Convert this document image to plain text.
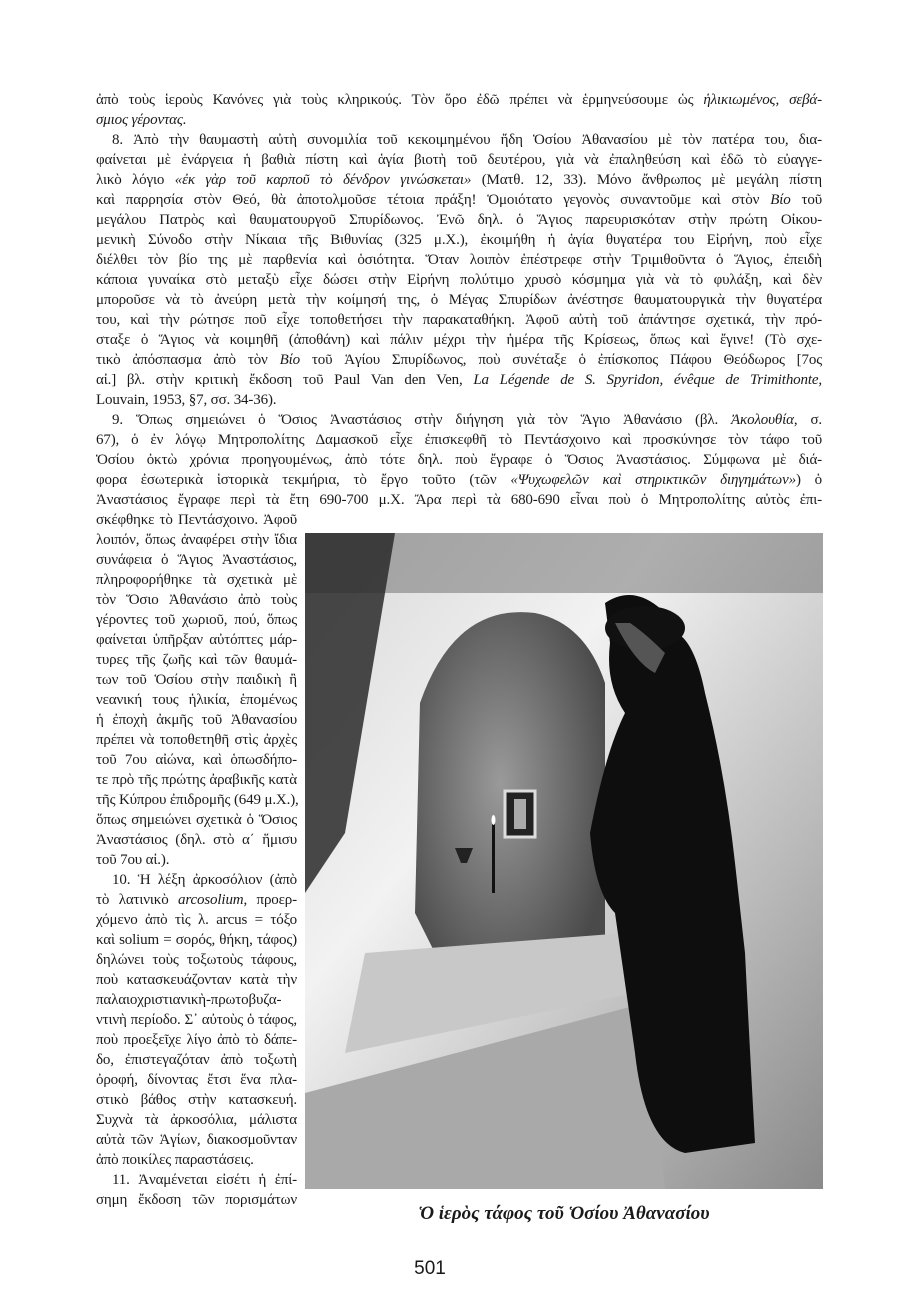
ἀπὸ τοὺς ἱεροὺς Κανόνες γιὰ τοὺς κληρικούς. Τὸν ὅρο ἐδῶ πρέπει νὰ ἑρμηνεύσουμε ὡς ἡλικιωμένος, σεβά-
σμιος γέροντας.
8. Ἀπὸ τὴν θαυμαστὴ αὐτὴ συνομιλία τοῦ κεκοιμημένου ἤδη Ὁσίου Ἀθανασίου μὲ τὸν πατέρα του, δια-
φαίνεται μὲ ἐνάργεια ἡ βαθιὰ πίστη καὶ ἁγία βιοτὴ τοῦ δευτέρου, γιὰ νὰ ἐπαληθεύση καὶ ἐδῶ τὸ εὐαγγε-
λικὸ λόγιο «ἐκ γὰρ τοῦ καρποῦ τὸ δένδρον γινώσκεται» (Ματθ. 12, 33). Μόνο ἄνθρωπος μὲ μεγάλη πίστη
καὶ παρρησία στὸν Θεό, θὰ ἀποτολμοῦσε τέτοια πράξη! Ὁμοιότατο γεγονὸς συναντοῦμε καὶ στὸν Βίο τοῦ
μεγάλου Πατρὸς καὶ θαυματουργοῦ Σπυρίδωνος. Ἐνῶ δηλ. ὁ Ἅγιος παρευρισκόταν στὴν πρώτη Οἰκου-
μενικὴ Σύνοδο στὴν Νίκαια τῆς Βιθυνίας (325 μ.Χ.), ἐκοιμήθη ἡ ἁγία θυγατέρα του Εἰρήνη, ποὺ εἶχε
διέλθει τὸν βίο της μὲ παρθενία καὶ ὁσιότητα. Ὅταν λοιπὸν ἐπέστρεφε στὴν Τριμιθοῦντα ὁ Ἅγιος, ἐπειδὴ
κάποια γυναίκα στὸ μεταξὺ εἶχε δώσει στὴν Εἰρήνη πολύτιμο χρυσὸ κόσμημα γιὰ νὰ τὸ φυλάξη, καὶ δὲν
μποροῦσε νὰ τὸ ἀνεύρη μετὰ τὴν κοίμησή της, ὁ Μέγας Σπυρίδων ἀνέστησε θαυματουργικὰ τὴν θυγατέρα
του, καὶ τὴν ρώτησε ποῦ εἶχε τοποθετήσει τὴν παρακαταθήκη. Ἀφοῦ αὐτὴ τοῦ ἀπάντησε σχετικά, τὴν πρό-
σταξε ὁ Ἅγιος νὰ κοιμηθῆ (ἀποθάνη) καὶ πάλιν μέχρι τὴν ἡμέρα τῆς Κρίσεως, ὅπως καὶ ἔγινε! (Τὸ σχε-
τικὸ ἀπόσπασμα ἀπὸ τὸν Βίο τοῦ Ἁγίου Σπυρίδωνος, ποὺ συνέταξε ὁ ἐπίσκοπος Πάφου Θεόδωρος [7ος
αἰ.] βλ. στὴν κριτικὴ ἔκδοση τοῦ Paul Van den Ven, La Légende de S. Spyridon, évêque de Trimithonte,
Louvain, 1953, §7, σσ. 34-36).
9. Ὅπως σημειώνει ὁ Ὅσιος Ἀναστάσιος στὴν διήγηση γιὰ τὸν Ἅγιο Ἀθανάσιο (βλ. Ἀκολουθία, σ.
67), ὁ ἐν λόγῳ Μητροπολίτης Δαμασκοῦ εἶχε ἐπισκεφθῆ τὸ Πεντάσχοινο καὶ προσκύνησε τὸν τάφο τοῦ
Ὁσίου ὀκτὼ χρόνια προηγουμένως, ἀπὸ τότε δηλ. ποὺ ἔγραφε ὁ Ὅσιος Ἀναστάσιος. Σύμφωνα μὲ διά-
φορα ἐσωτερικὰ ἱστορικὰ τεκμήρια, τὸ ἔργο τοῦτο (τῶν «Ψυχωφελῶν καὶ στηρικτικῶν διηγημάτων») ὁ
Ἀναστάσιος ἔγραφε περὶ τὰ ἔτη 690-700 μ.Χ. Ἄρα περὶ τὰ 680-690 εἶναι ποὺ ὁ Μητροπολίτης αὐτὸς ἐπι-
σκέφθηκε τὸ Πεντάσχοινο. Ἀφοῦ
λοιπόν, ὅπως ἀναφέρει στὴν ἴδια
συνάφεια ὁ Ἅγιος Ἀναστάσιος,
πληροφορήθηκε τὰ σχετικὰ μὲ
τὸν Ὅσιο Ἀθανάσιο ἀπὸ τοὺς
γέροντες τοῦ χωριοῦ, πού, ὅπως
φαίνεται ὑπῆρξαν αὐτόπτες μάρ-
τυρες τῆς ζωῆς καὶ τῶν θαυμά-
των τοῦ Ὁσίου στὴν παιδικὴ ἢ
νεανική τους ἡλικία, ἑπομένως
ἡ ἐποχὴ ἀκμῆς τοῦ Ἀθανασίου
πρέπει νὰ τοποθετηθῆ στὶς ἀρχὲς
τοῦ 7ου αἰώνα, καὶ ὁπωσδήπο-
τε πρὸ τῆς πρώτης ἀραβικῆς κατὰ
τῆς Κύπρου ἐπιδρομῆς (649 μ.Χ.),
ὅπως σημειώνει σχετικὰ ὁ Ὅσιος
Ἀναστάσιος (δηλ. στὸ α΄ ἥμισυ
τοῦ 7ου αἰ.).
10. Ἡ λέξη ἀρκοσόλιον (ἀπὸ
τὸ λατινικὸ arcosolium, προερ-
χόμενο ἀπὸ τὶς λ. arcus = τόξο
καὶ solium = σορός, θήκη, τάφος)
δηλώνει τοὺς τοξωτοὺς τάφους,
ποὺ κατασκευάζονταν κατὰ τὴν
παλαιοχριστιανικὴ-πρωτοβυζα-
ντινὴ περίοδο. Σ᾽ αὐτοὺς ὁ τάφος,
ποὺ προεξεῖχε λίγο ἀπὸ τὸ δάπε-
δο, ἐπιστεγαζόταν ἀπὸ τοξωτὴ
ὀροφή, δίνοντας ἔτσι ἕνα πλα-
στικὸ βάθος στὴν κατασκευή.
Συχνὰ τὰ ἀρκοσόλια, μάλιστα
αὐτὰ τῶν Ἁγίων, διακοσμοῦνταν
ἀπὸ ποικίλες παραστάσεις.
11. Ἀναμένεται εἰσέτι ἡ ἐπί-
σημη ἔκδοση τῶν πορισμάτων
Ὁ ἱερὸς τάφος τοῦ Ὁσίου Ἀθανασίου
501
